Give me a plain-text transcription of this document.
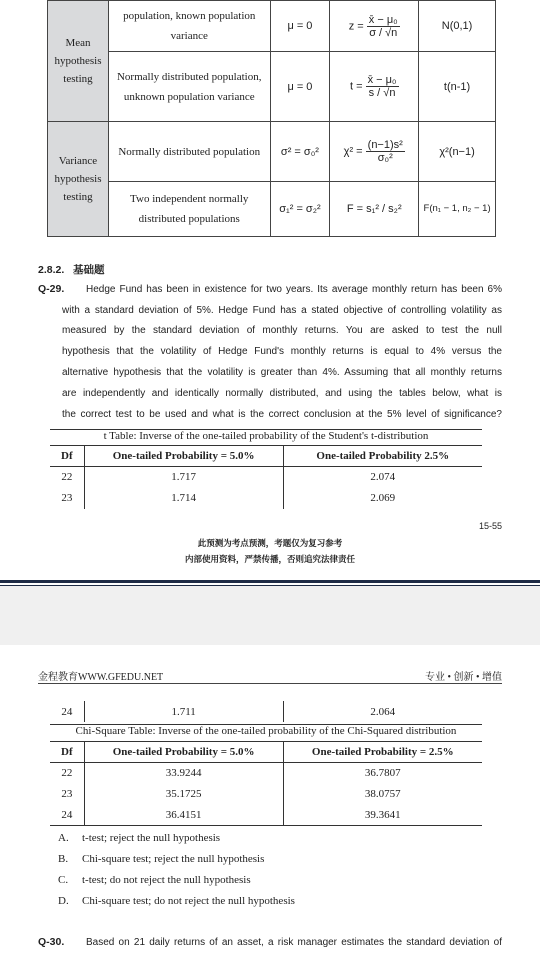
Mean hypothesis testing	population, known population variance	μ = 0	$z = \frac{\text{x̄ − μ₀}}{\sigma / √n}$	N(0,1)
	Normally distributed population, unknown population variance	μ = 0	$t = \frac{\text{x̄ − μ₀}}{s / √n}$	t(n-1)
Variance hypothesis testing	Normally distributed population	σ² = σ₀²	$\chi^2 = \frac{\text{(n−1)s²}}{\text{σ₀²}}$	χ²(n−1)
	Two independent normally distributed populations	σ₁² = σ₂²	F = s₁² / s₂²	F(n₁ − 1, n₂ − 1)
2.8.2. 基础题
Q-29. Hedge Fund has been in existence for two years. Its average monthly return has been 6%
with a standard deviation of 5%. Hedge Fund has a stated objective of controlling volatility as
measured by the standard deviation of monthly returns. You are asked to test the null
hypothesis that the volatility of Hedge Fund's monthly returns is equal to 4% versus the
alternative hypothesis that the volatility is greater than 4%. Assuming that all monthly returns
are independently and identically normally distributed, and using the tables below, what is
the correct test to be used and what is the correct conclusion at the 5% level of significance?
t Table: Inverse of the one-tailed probability of the Student's t-distribution
Df	One-tailed Probability = 5.0%	One-tailed Probability 2.5%
22	1.717	2.074
23	1.714	2.069
15-55
此预测为考点预测，考题仅为复习参考
内部使用资料，严禁传播，否则追究法律责任
金程教育WWW.GFEDU.NET	专业 • 创新 • 增值
24	1.711	2.064
Chi-Square Table: Inverse of the one-tailed probability of the Chi-Squared distribution
Df	One-tailed Probability = 5.0%	One-tailed Probability = 2.5%
22	33.9244	36.7807
23	35.1725	38.0757
24	36.4151	39.3641
A. t-test; reject the null hypothesis
B. Chi-square test; reject the null hypothesis
C. t-test; do not reject the null hypothesis
D. Chi-square test; do not reject the null hypothesis
Q-30. Based on 21 daily returns of an asset, a risk manager estimates the standard deviation of
